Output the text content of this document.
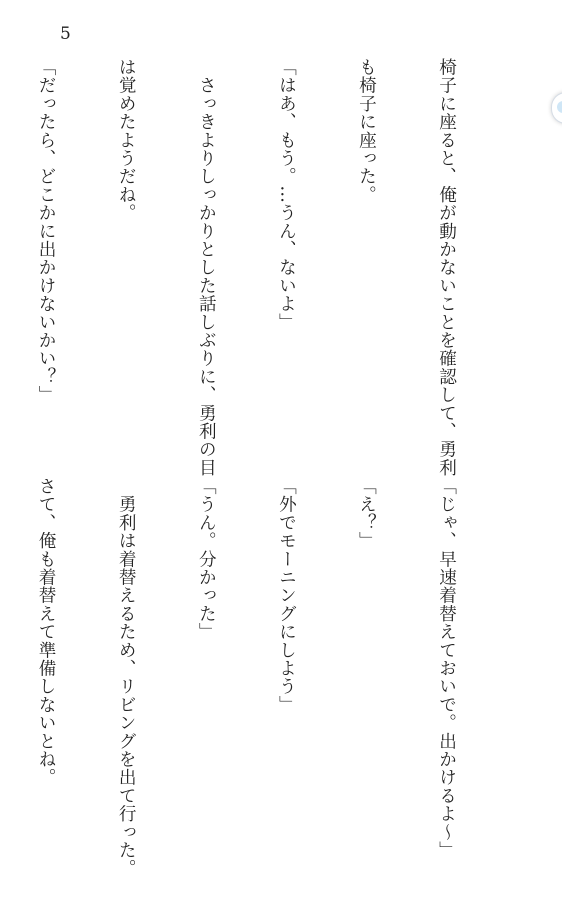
5

椅子に座ると、俺が動かないことを確認して、勇利

も椅子に座った。

「はあ、もう。…うん、ないよ」

　さっきよりしっかりとした話しぶりに、勇利の目

は覚めたようだね。

「だったら、どこかに出かけないかい？」

「じゃ、早速着替えておいで。出かけるよ〜」

「え？」

「外でモーニングにしよう」

「うん。分かった」

　勇利は着替えるため、リビングを出て行った。

さて、俺も着替えて準備しないとね。
